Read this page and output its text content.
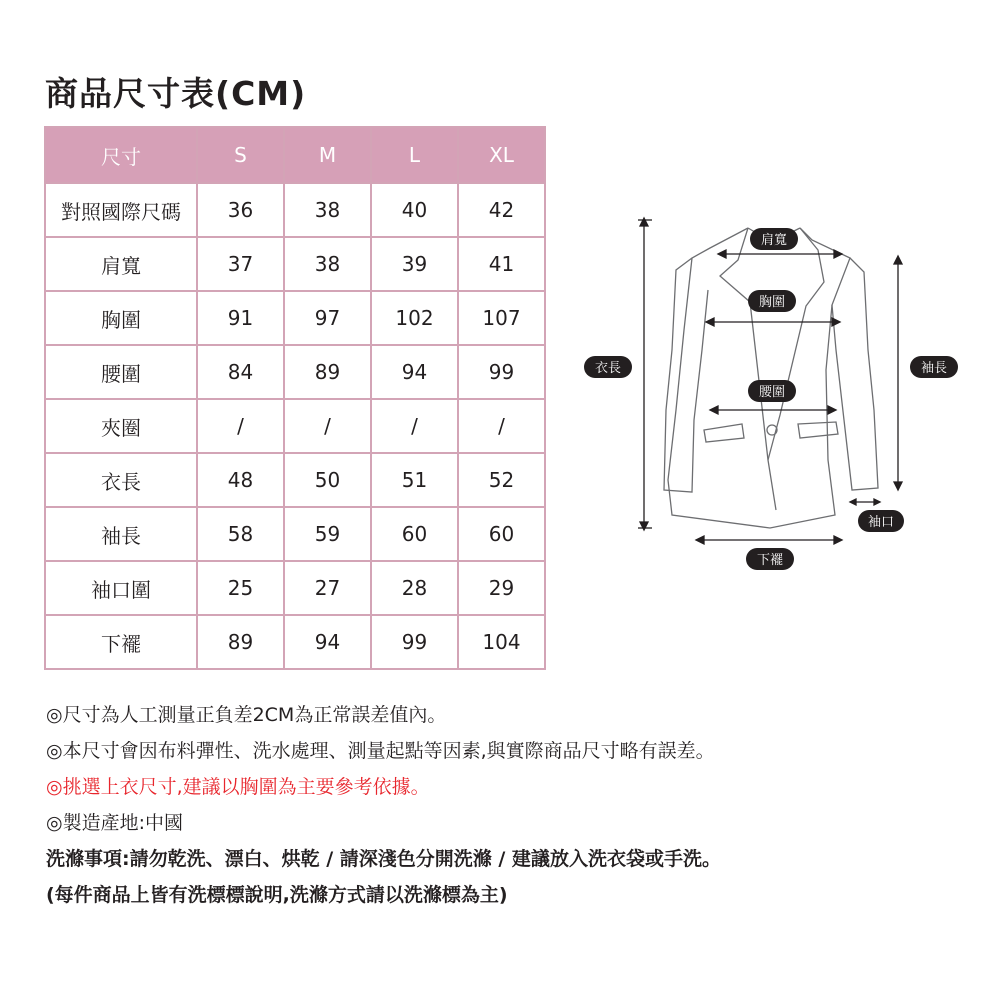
商品尺寸表(CM)
尺寸	S	M	L	XL
對照國際尺碼	36	38	40	42
肩寬	37	38	39	41
胸圍	91	97	102	107
腰圍	84	89	94	99
夾圈	/	/	/	/
衣長	48	50	51	52
袖長	58	59	60	60
袖口圍	25	27	28	29
下襬	89	94	99	104
肩寬
胸圍
腰圍
衣長	袖長
袖口
下襬
◎尺寸為人工測量正負差2CM為正常誤差值內。
◎本尺寸會因布料彈性、洗水處理、測量起點等因素,與實際商品尺寸略有誤差。
◎挑選上衣尺寸,建議以胸圍為主要參考依據。
◎製造產地:中國
洗滌事項:請勿乾洗、漂白、烘乾 / 請深淺色分開洗滌 / 建議放入洗衣袋或手洗。
(每件商品上皆有洗標標說明,洗滌方式請以洗滌標為主)
